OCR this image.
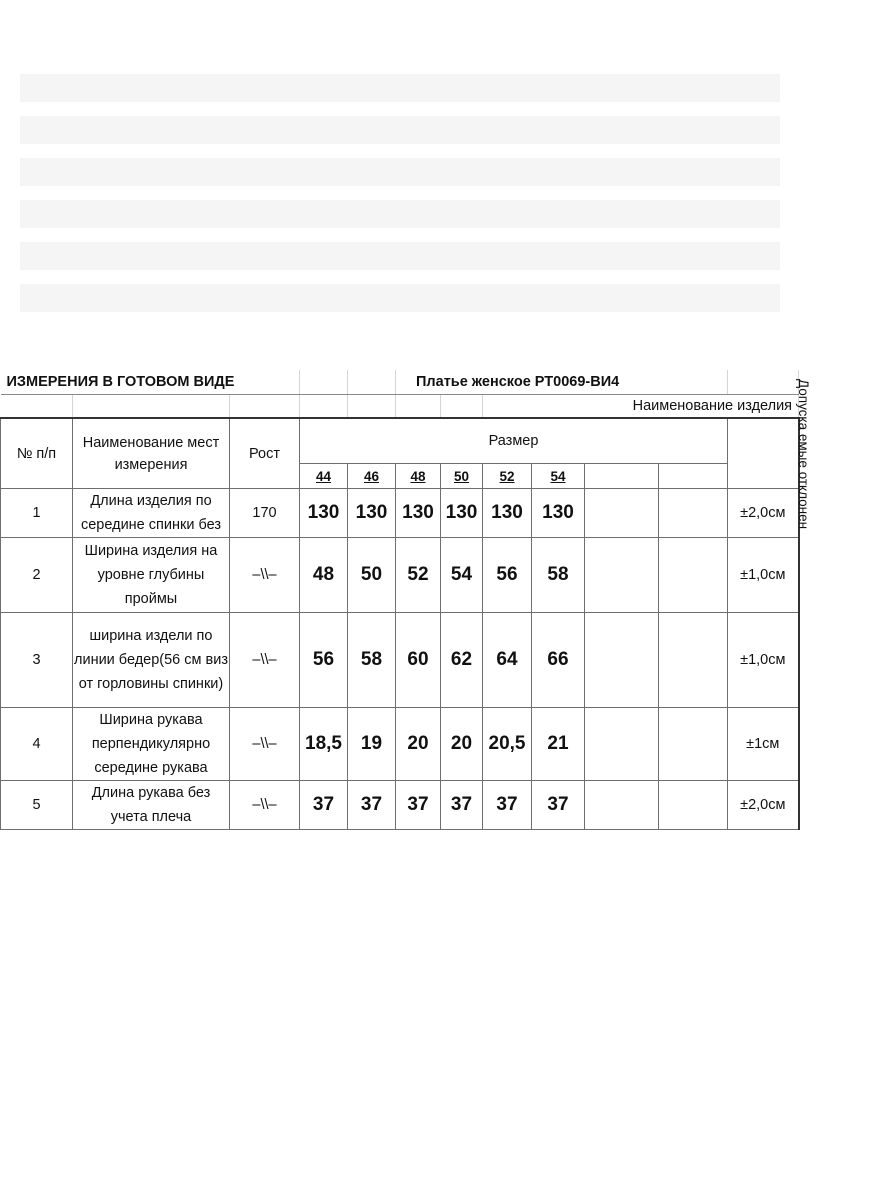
ИЗМЕРЕНИЯ В ГОТОВОМ ВИДЕ					Платье женское РТ0069-ВИ4						
							Наименование изделия				
№ п/п	Наименование мест измерения	Рост	Размер								Допуска емые отклонен
			44	46	48	50	52	54			
1	Длина изделия по середине спинки без	170	130	130	130	130	130	130			±2,0см
2	Ширина изделия на уровне глубины проймы	–\\–	48	50	52	54	56	58			±1,0см
3	ширина издели по линии бедер(56 см виз от горловины спинки)	–\\–	56	58	60	62	64	66			±1,0см
4	Ширина рукава перпендикулярно середине рукава	–\\–	18,5	19	20	20	20,5	21			±1см
5	Длина рукава без учета плеча	–\\–	37	37	37	37	37	37			±2,0см
